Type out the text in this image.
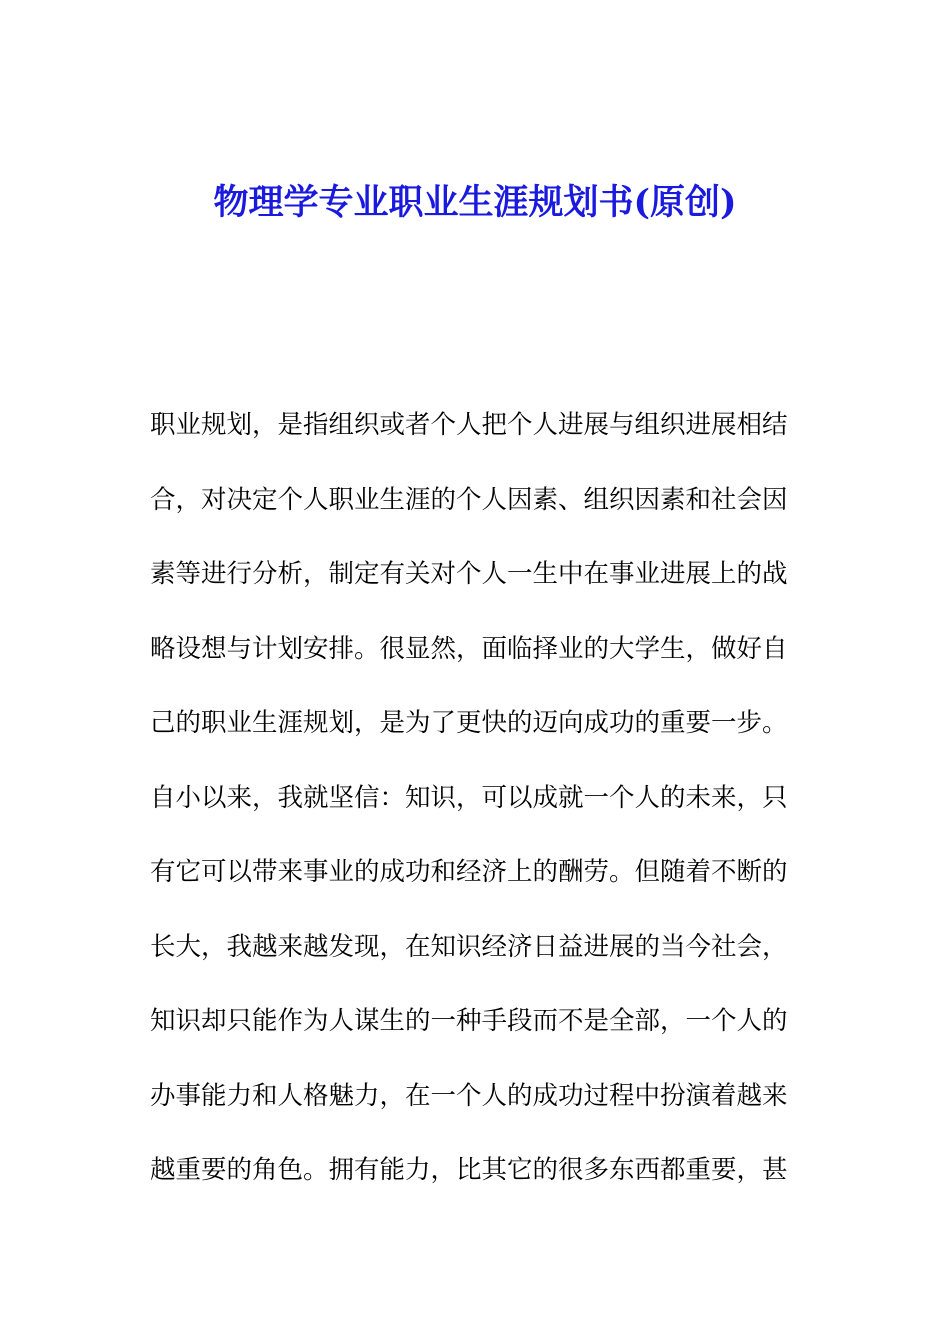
物理学专业职业生涯规划书(原创)
职业规划，是指组织或者个人把个人进展与组织进展相结
合，对决定个人职业生涯的个人因素、组织因素和社会因
素等进行分析，制定有关对个人一生中在事业进展上的战
略设想与计划安排。很显然，面临择业的大学生，做好自
己的职业生涯规划，是为了更快的迈向成功的重要一步。
自小以来，我就坚信：知识，可以成就一个人的未来，只
有它可以带来事业的成功和经济上的酬劳。但随着不断的
长大，我越来越发现，在知识经济日益进展的当今社会，
知识却只能作为人谋生的一种手段而不是全部，一个人的
办事能力和人格魅力，在一个人的成功过程中扮演着越来
越重要的角色。拥有能力，比其它的很多东西都重要，甚
